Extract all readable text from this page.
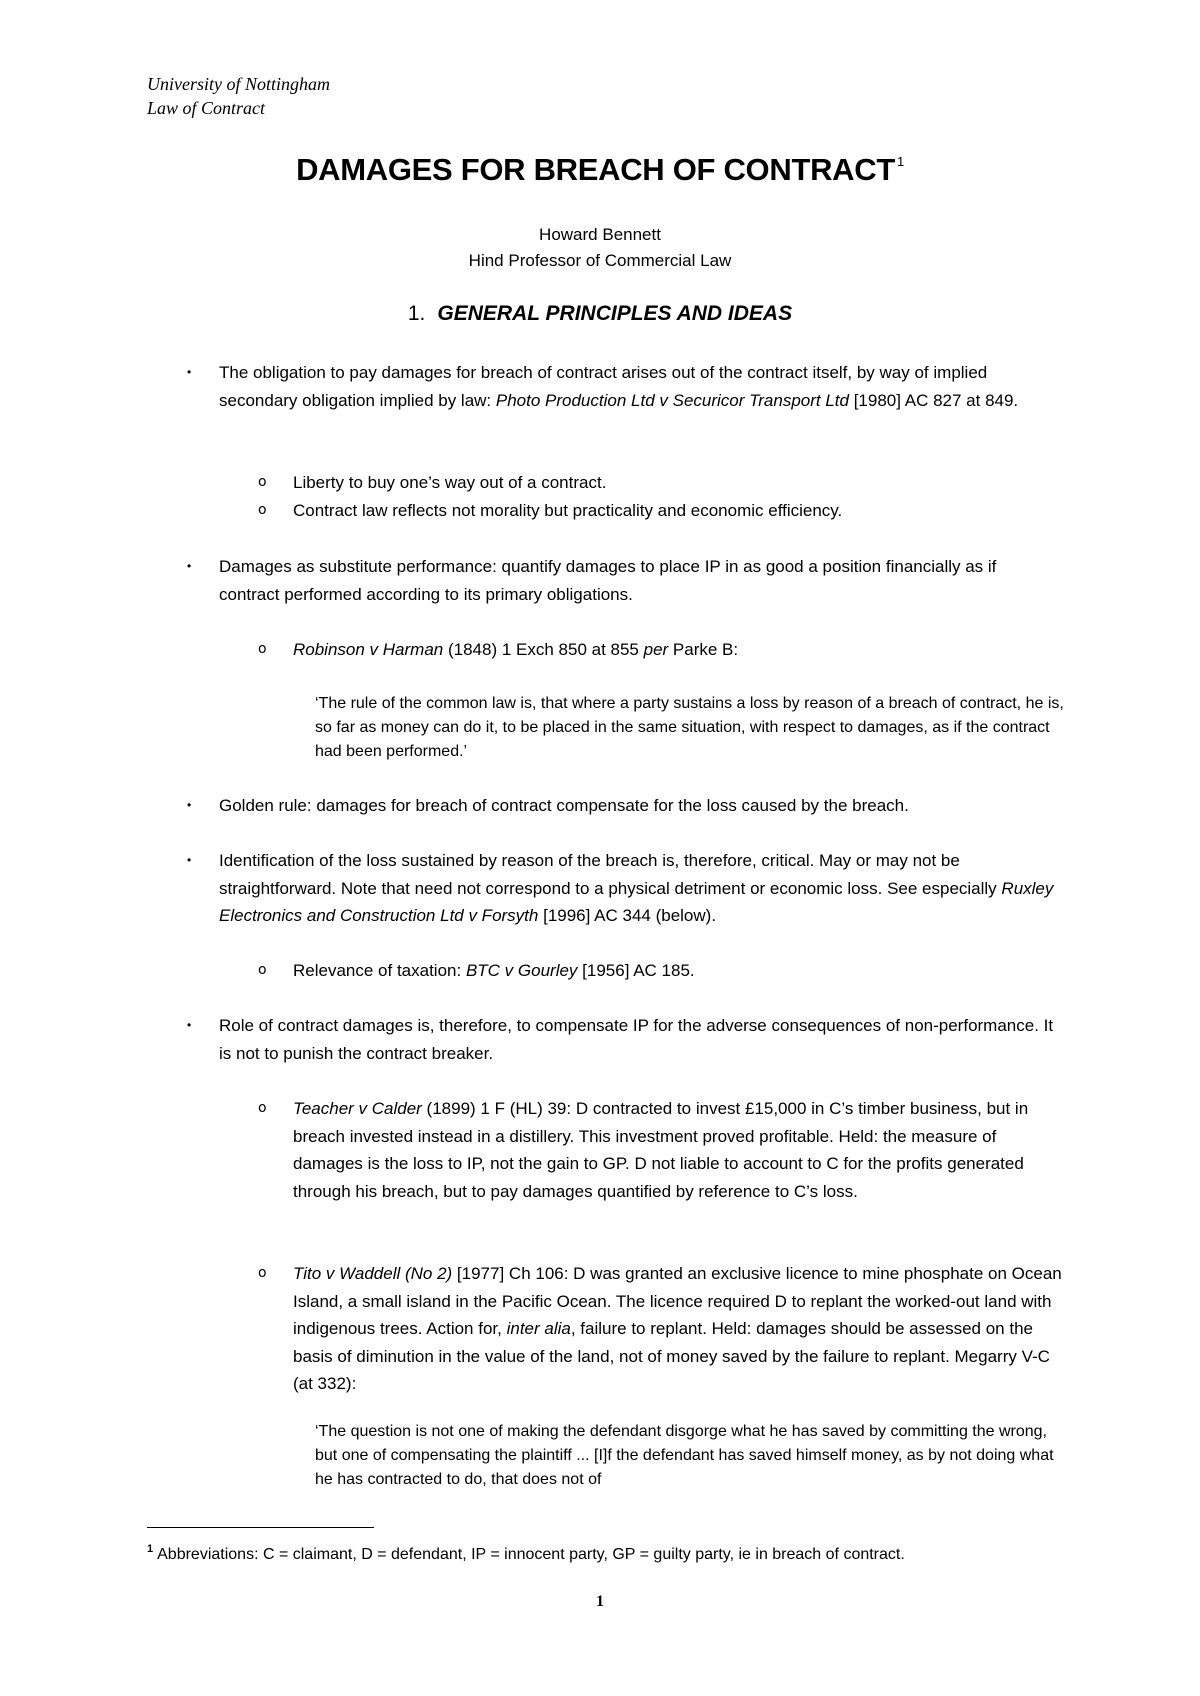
University of Nottingham
Law of Contract
DAMAGES FOR BREACH OF CONTRACT $^1$
Howard Bennett
Hind Professor of Commercial Law
1. GENERAL PRINCIPLES AND IDEAS
• The obligation to pay damages for breach of contract arises out of the contract itself, by way of implied secondary obligation implied by law: Photo Production Ltd v Securicor Transport Ltd [1980] AC 827 at 849.
o Liberty to buy one’s way out of a contract.
o Contract law reflects not morality but practicality and economic efficiency.
• Damages as substitute performance: quantify damages to place IP in as good a position financially as if contract performed according to its primary obligations.
o Robinson v Harman (1848) 1 Exch 850 at 855 per Parke B:
‘The rule of the common law is, that where a party sustains a loss by reason of a breach of contract, he is, so far as money can do it, to be placed in the same situation, with respect to damages, as if the contract had been performed.’
• Golden rule: damages for breach of contract compensate for the loss caused by the breach.
• Identification of the loss sustained by reason of the breach is, therefore, critical. May or may not be straightforward. Note that need not correspond to a physical detriment or economic loss. See especially Ruxley Electronics and Construction Ltd v Forsyth [1996] AC 344 (below).
o Relevance of taxation: BTC v Gourley [1956] AC 185.
• Role of contract damages is, therefore, to compensate IP for the adverse consequences of non-performance. It is not to punish the contract breaker.
o Teacher v Calder (1899) 1 F (HL) 39: D contracted to invest £15,000 in C’s timber business, but in breach invested instead in a distillery. This investment proved profitable. Held: the measure of damages is the loss to IP, not the gain to GP. D not liable to account to C for the profits generated through his breach, but to pay damages quantified by reference to C’s loss.
o Tito v Waddell (No 2) [1977] Ch 106: D was granted an exclusive licence to mine phosphate on Ocean Island, a small island in the Pacific Ocean. The licence required D to replant the worked-out land with indigenous trees. Action for, inter alia, failure to replant. Held: damages should be assessed on the basis of diminution in the value of the land, not of money saved by the failure to replant. Megarry V-C (at 332):
‘The question is not one of making the defendant disgorge what he has saved by committing the wrong, but one of compensating the plaintiff ... [I]f the defendant has saved himself money, as by not doing what he has contracted to do, that does not of
$^1$ Abbreviations: C = claimant, D = defendant, IP = innocent party, GP = guilty party, ie in breach of contract.
1
